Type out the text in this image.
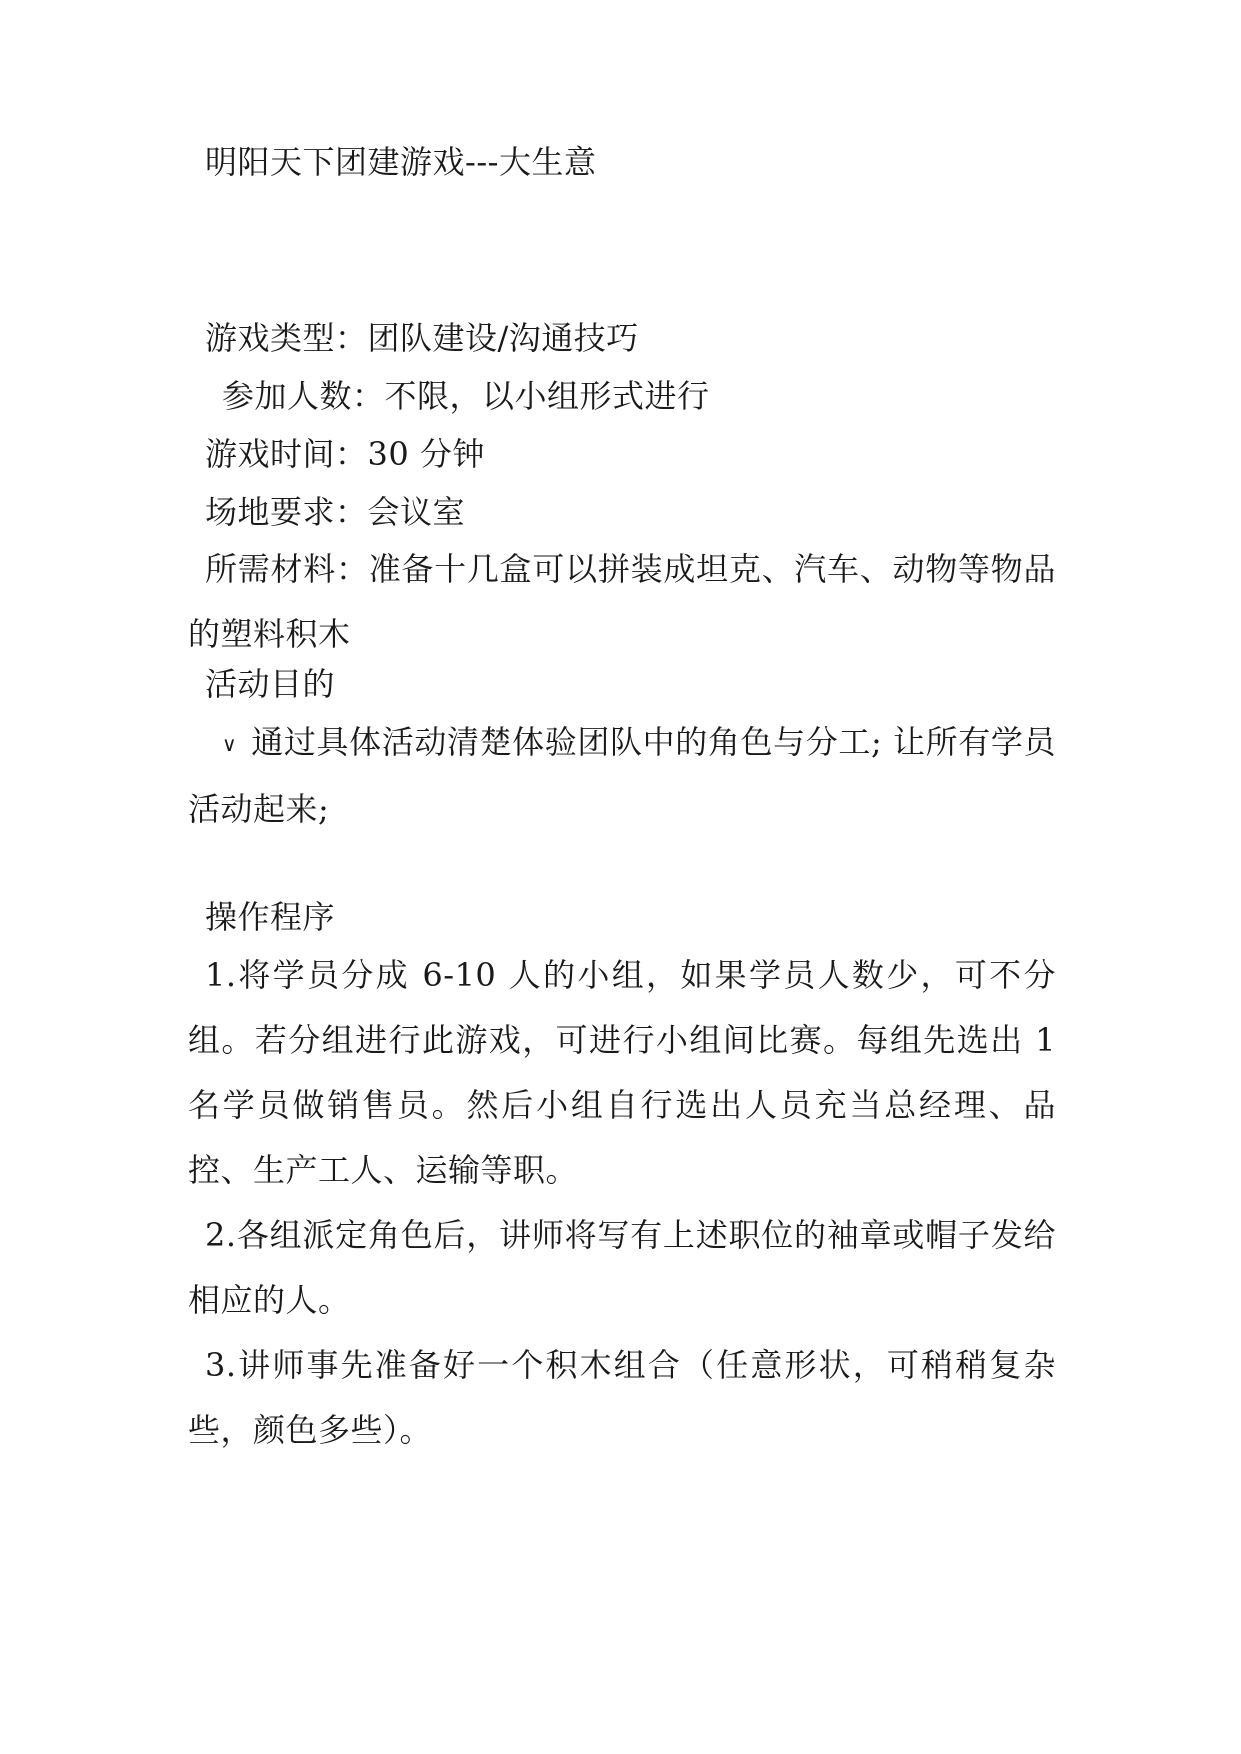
明阳天下团建游戏---大生意
游戏类型：团队建设/沟通技巧
参加人数：不限，以小组形式进行
游戏时间：30 分钟
场地要求：会议室
所需材料：准备十几盒可以拼装成坦克、汽车、动物等物品的塑料积木
活动目的
∨ 通过具体活动清楚体验团队中的角色与分工; 让所有学员活动起来;
操作程序
1.将学员分成 6-10 人的小组，如果学员人数少，可不分组。若分组进行此游戏，可进行小组间比赛。每组先选出 1 名学员做销售员。然后小组自行选出人员充当总经理、品控、生产工人、运输等职。
2.各组派定角色后，讲师将写有上述职位的袖章或帽子发给相应的人。
3.讲师事先准备好一个积木组合（任意形状，可稍稍复杂些，颜色多些）。
